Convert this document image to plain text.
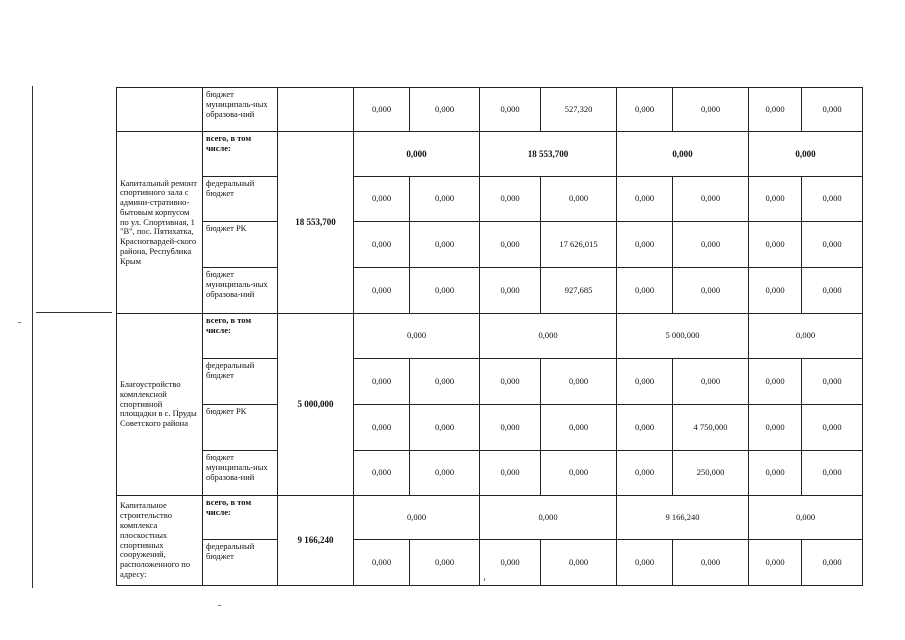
	бюджет муниципаль-ных образова-ний		0,000	0,000	0,000	527,320	0,000	0,000	0,000	0,000
Капитальный ремонт спортивного зала с админи-стративно-бытовым корпусом по ул. Спортивная, 1 "В", пос. Пятихатка, Красногвардей-ского района, Республика Крым	всего, в том числе:	18 553,700	0,000		18 553,700		0,000		0,000	
	федеральный бюджет		0,000	0,000	0,000	0,000	0,000	0,000	0,000	0,000
	бюджет РК		0,000	0,000	0,000	17 626,015	0,000	0,000	0,000	0,000
	бюджет муниципаль-ных образова-ний		0,000	0,000	0,000	927,685	0,000	0,000	0,000	0,000
Благоустройство комплексной спортивной площадки в с. Пруды Советского района	всего, в том числе:	5 000,000	0,000		0,000		5 000,000		0,000	
	федеральный бюджет		0,000	0,000	0,000	0,000	0,000	0,000	0,000	0,000
	бюджет РК		0,000	0,000	0,000	0,000	0,000	4 750,000	0,000	0,000
	бюджет муниципаль-ных образова-ний		0,000	0,000	0,000	0,000	0,000	250,000	0,000	0,000
Капитальное строительство комплекса плоскостных спортивных сооружений, расположенного по адресу:	всего, в том числе:	9 166,240	0,000		0,000		9 166,240		0,000	
	федеральный бюджет		0,000	0,000	0,000	0,000	0,000	0,000	0,000	0,000
